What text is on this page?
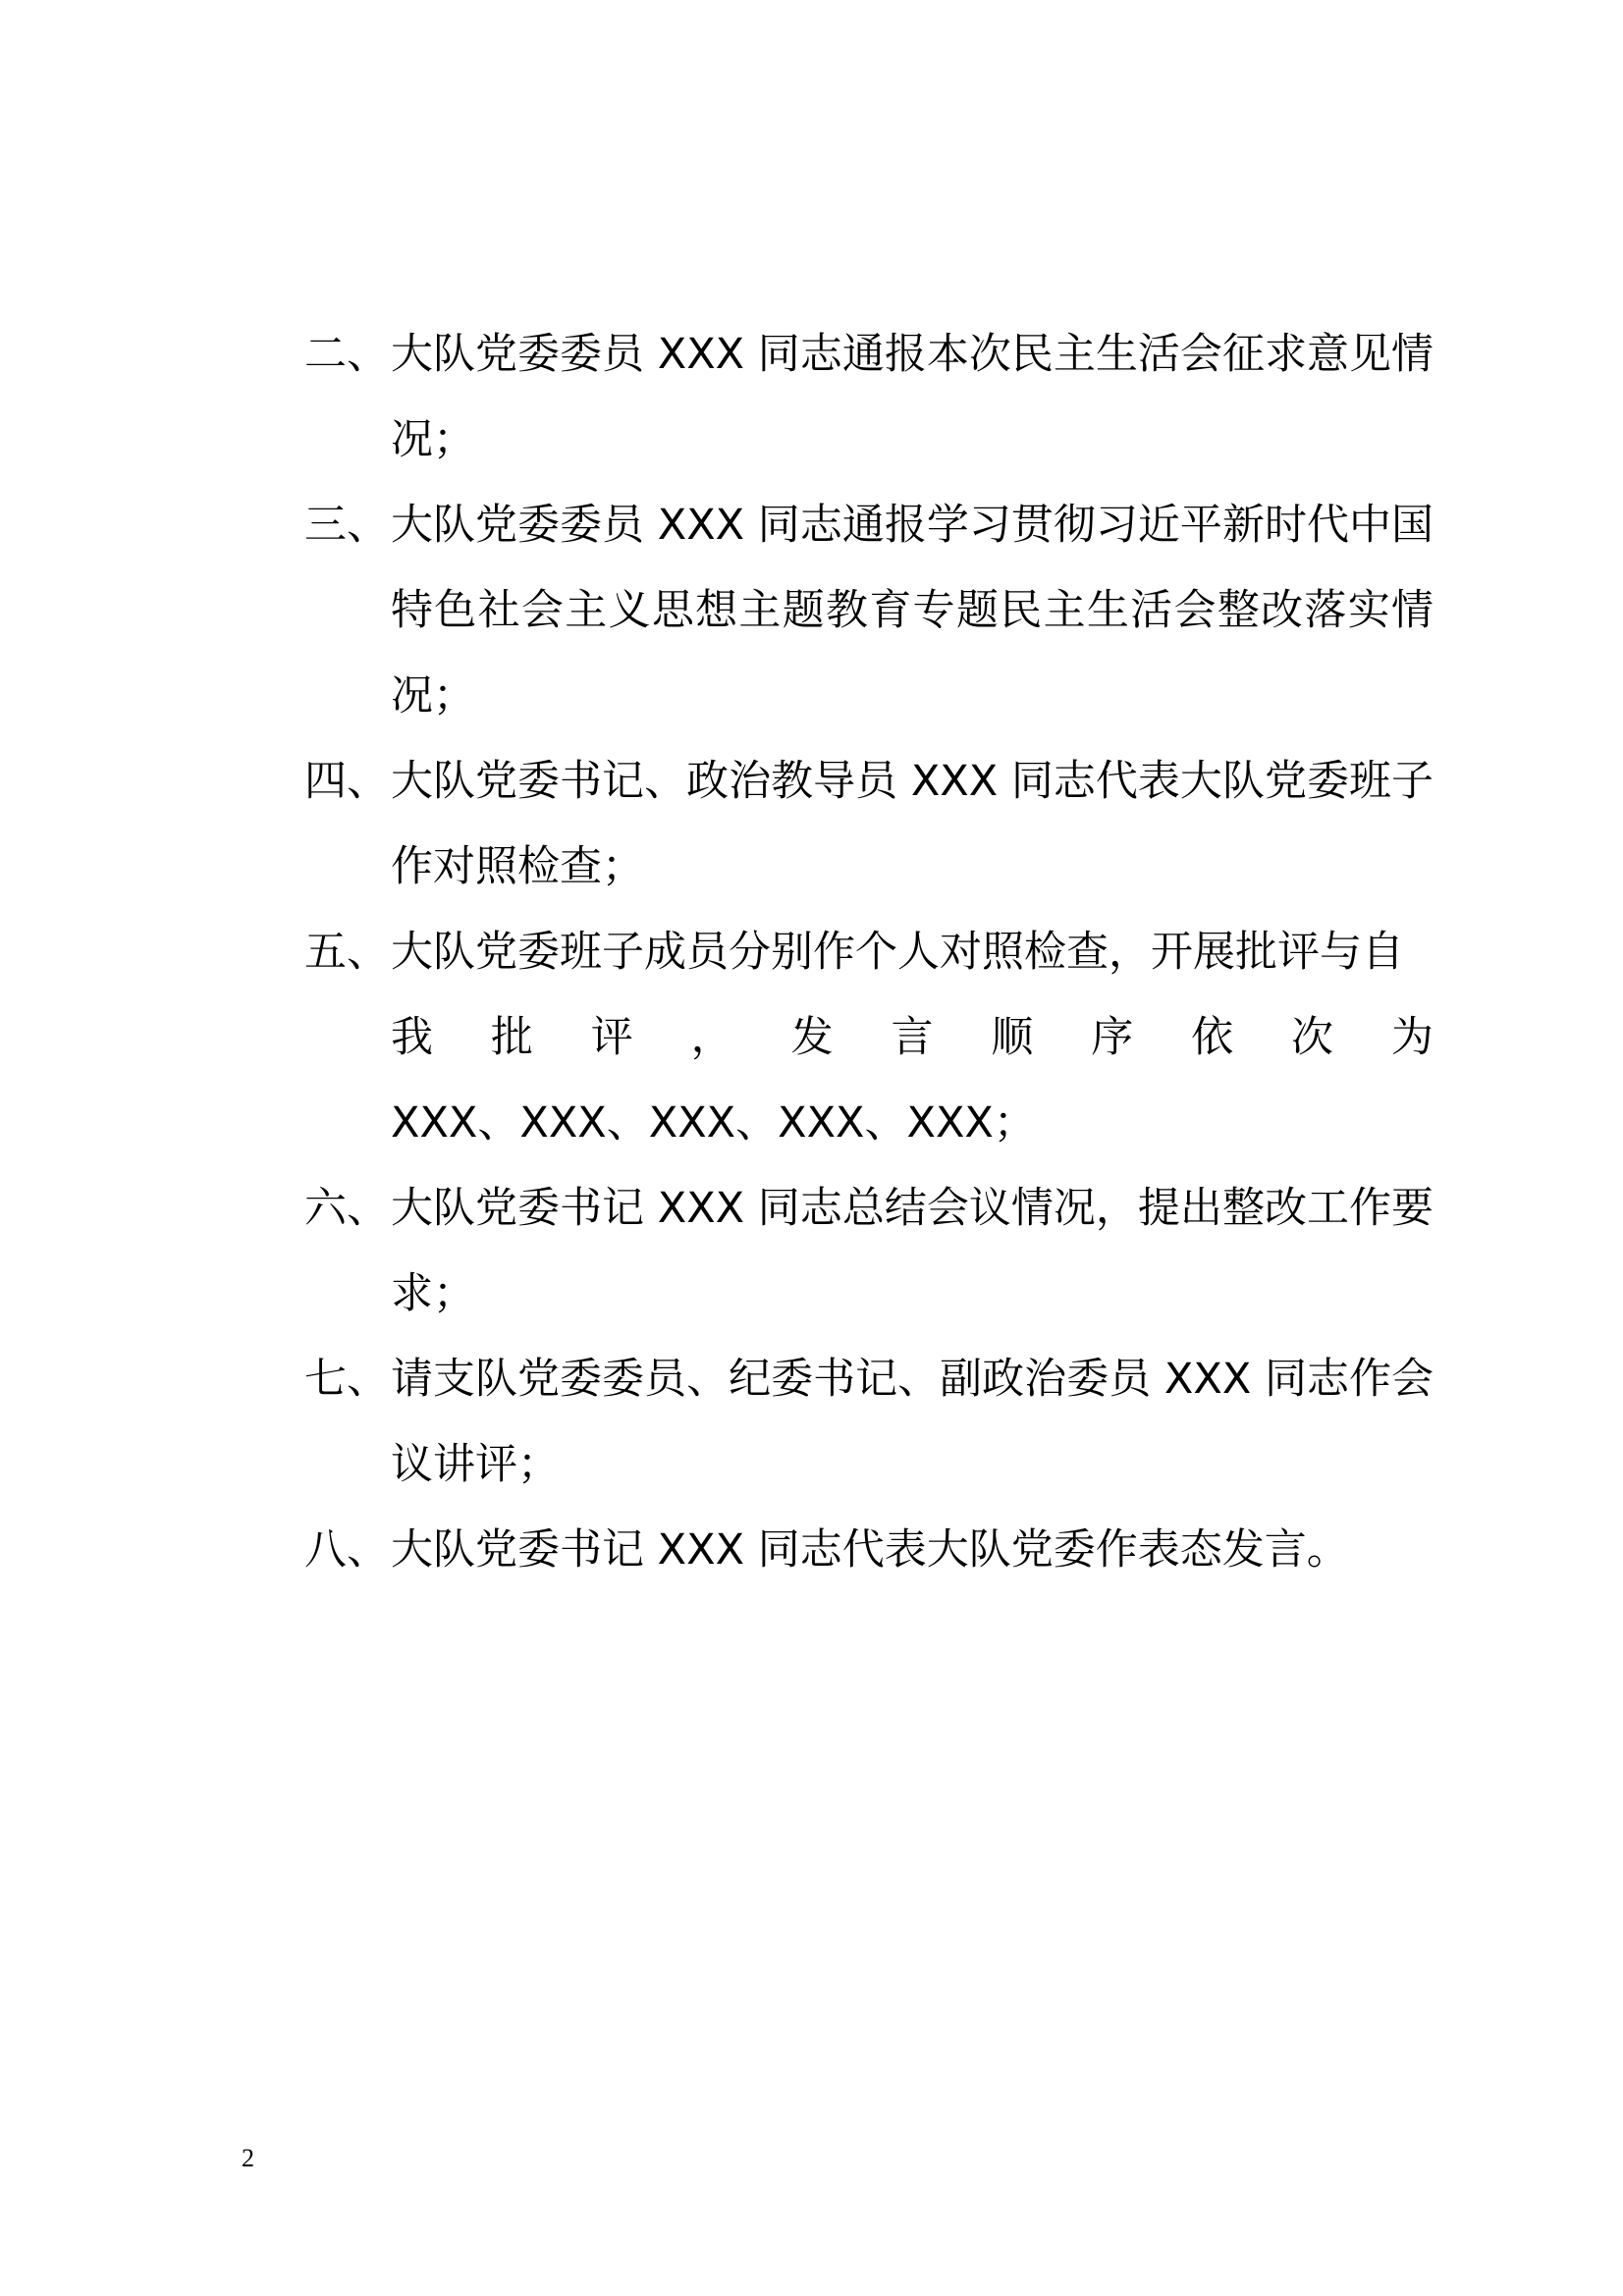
二、 大队党委委员 XXX 同志通报本次民主生活会征求意见情况；
三、 大队党委委员 XXX 同志通报学习贯彻习近平新时代中国特色社会主义思想主题教育专题民主生活会整改落实情况；
四、 大队党委书记、政治教导员 XXX 同志代表大队党委班子作对照检查；
五、 大队党委班子成员分别作个人对照检查，开展批评与自
我 批 评 ， 发 言 顺 序 依 次 为
XXX、XXX、XXX、XXX、XXX；
六、 大队党委书记 XXX 同志总结会议情况，提出整改工作要求；
七、 请支队党委委员、纪委书记、副政治委员 XXX 同志作会议讲评；
八、 大队党委书记 XXX 同志代表大队党委作表态发言。
2
